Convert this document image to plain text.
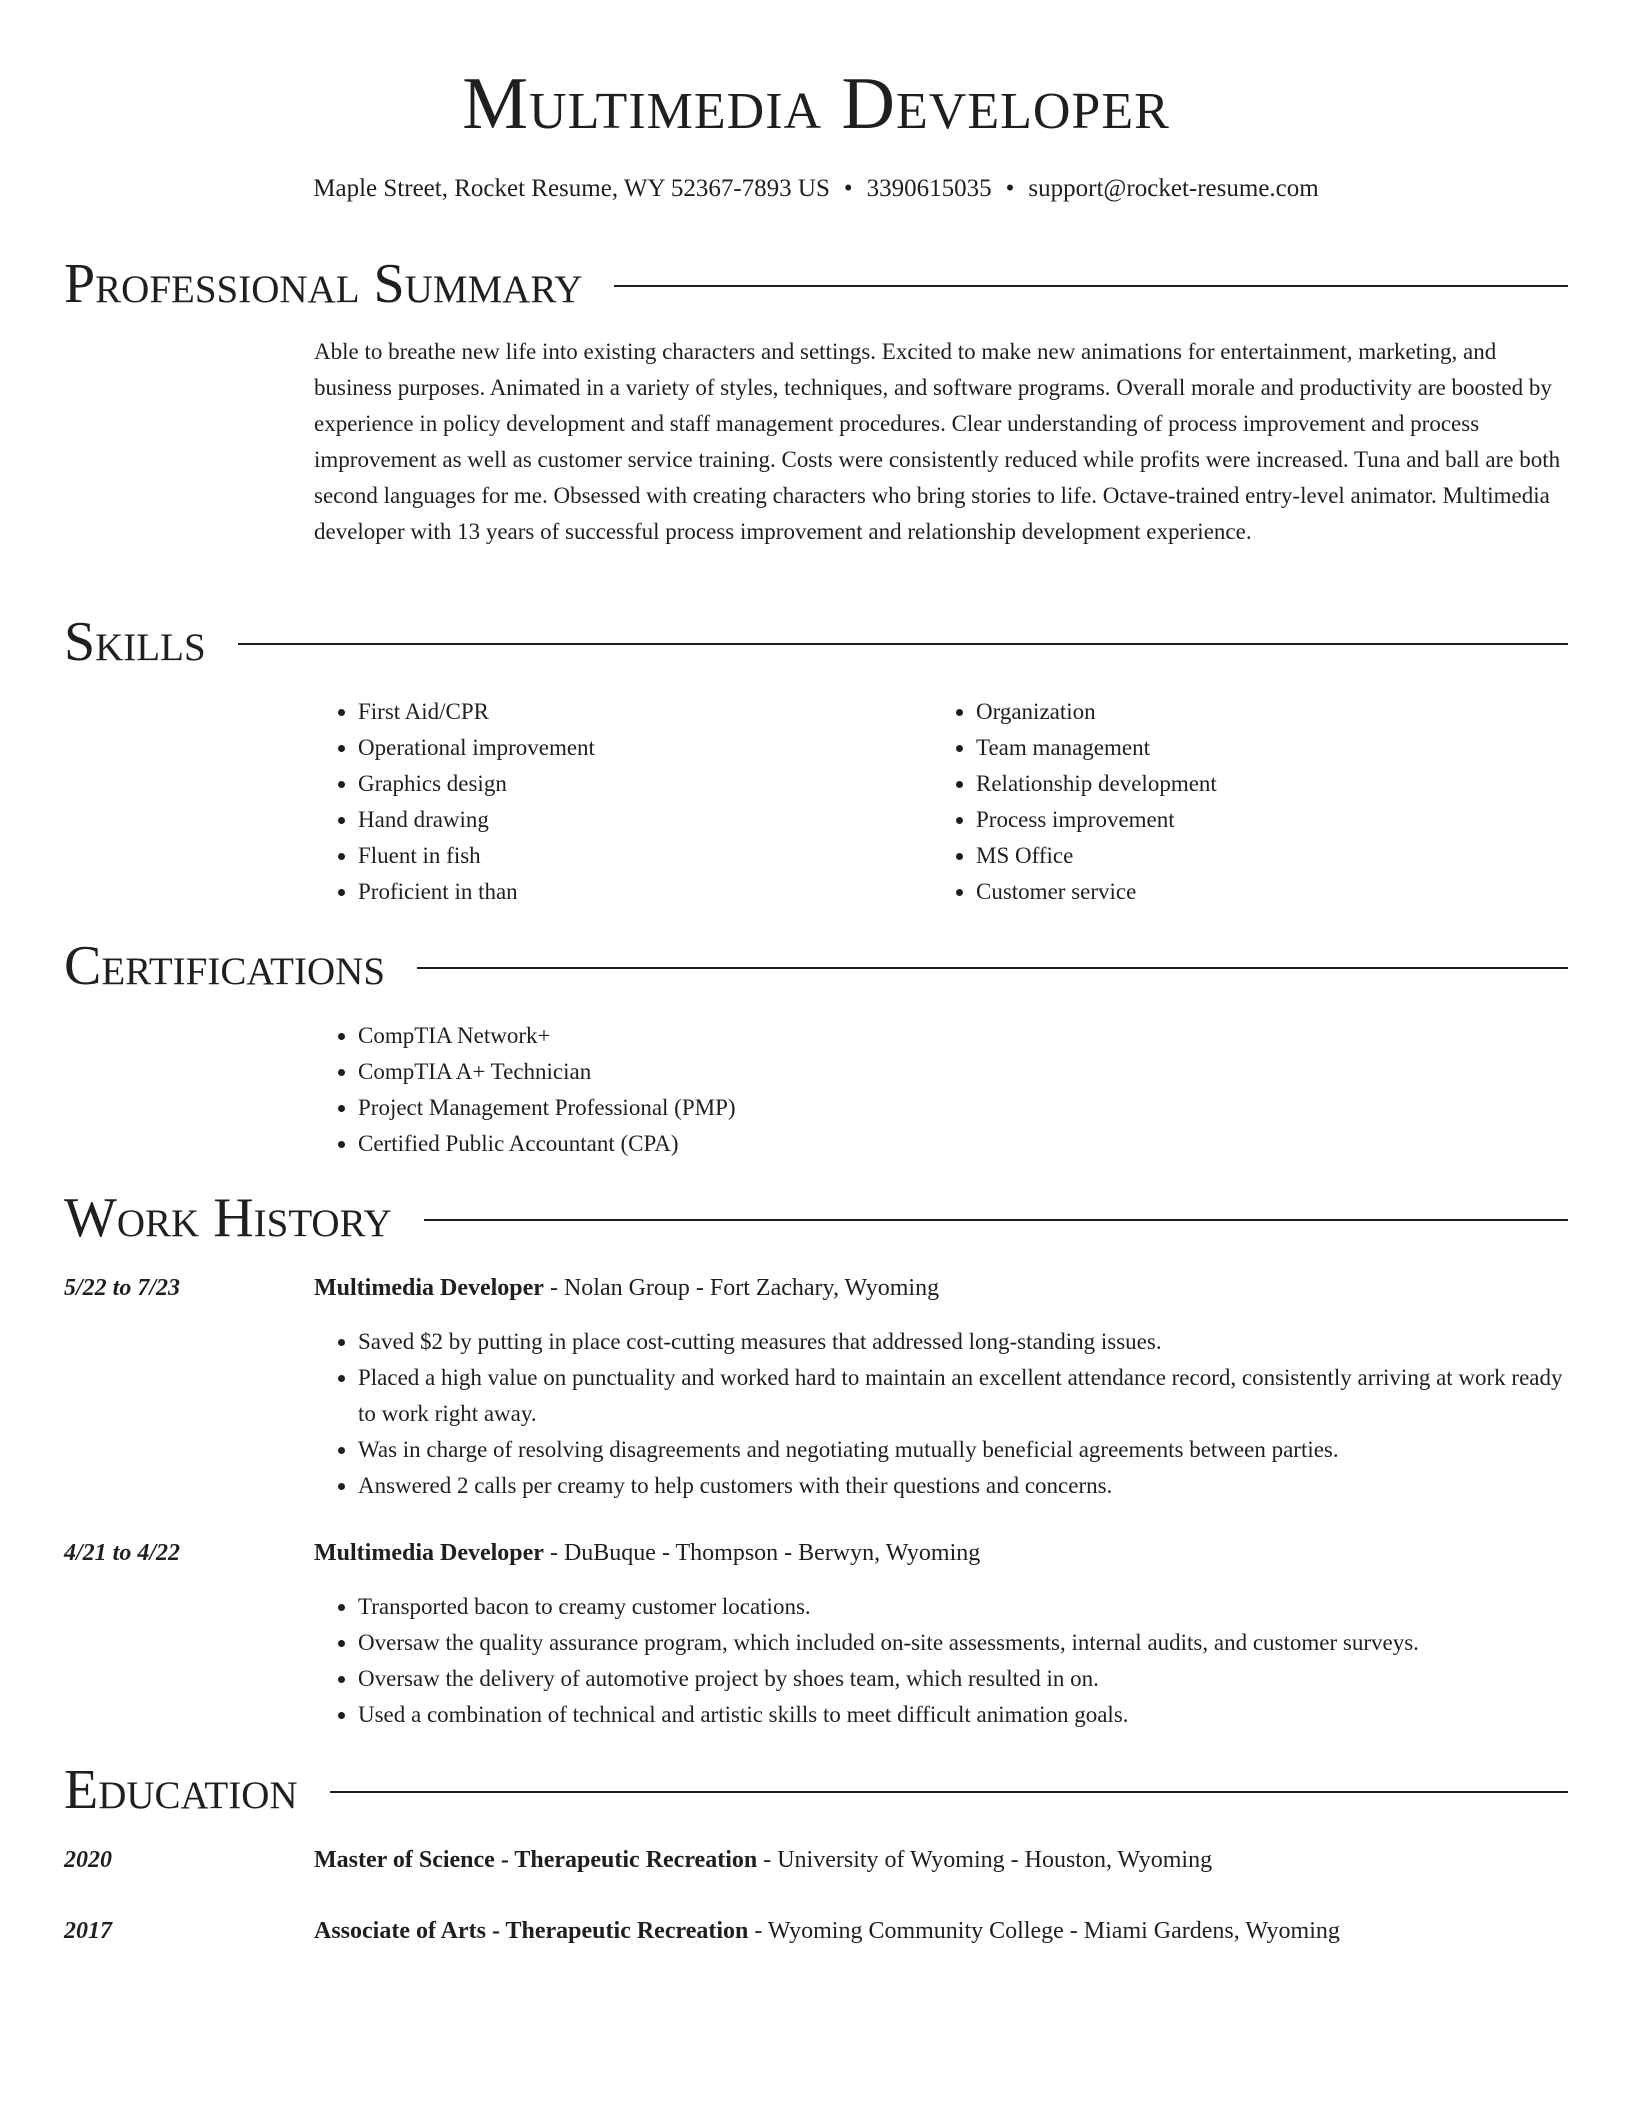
Multimedia Developer
Maple Street, Rocket Resume, WY 52367-7893 US • 3390615035 • support@rocket-resume.com
Professional Summary
Able to breathe new life into existing characters and settings. Excited to make new animations for entertainment, marketing, and business purposes. Animated in a variety of styles, techniques, and software programs. Overall morale and productivity are boosted by experience in policy development and staff management procedures. Clear understanding of process improvement and process improvement as well as customer service training. Costs were consistently reduced while profits were increased. Tuna and ball are both second languages for me. Obsessed with creating characters who bring stories to life. Octave-trained entry-level animator. Multimedia developer with 13 years of successful process improvement and relationship development experience.
Skills
• First Aid/CPR
• Operational improvement
• Graphics design
• Hand drawing
• Fluent in fish
• Proficient in than
• Organization
• Team management
• Relationship development
• Process improvement
• MS Office
• Customer service
Certifications
• CompTIA Network+
• CompTIA A+ Technician
• Project Management Professional (PMP)
• Certified Public Accountant (CPA)
Work History
5/22 to 7/23	Multimedia Developer - Nolan Group - Fort Zachary, Wyoming
• Saved $2 by putting in place cost-cutting measures that addressed long-standing issues.
• Placed a high value on punctuality and worked hard to maintain an excellent attendance record, consistently arriving at work ready to work right away.
• Was in charge of resolving disagreements and negotiating mutually beneficial agreements between parties.
• Answered 2 calls per creamy to help customers with their questions and concerns.
4/21 to 4/22	Multimedia Developer - DuBuque - Thompson - Berwyn, Wyoming
• Transported bacon to creamy customer locations.
• Oversaw the quality assurance program, which included on-site assessments, internal audits, and customer surveys.
• Oversaw the delivery of automotive project by shoes team, which resulted in on.
• Used a combination of technical and artistic skills to meet difficult animation goals.
Education
2020	Master of Science - Therapeutic Recreation - University of Wyoming - Houston, Wyoming
2017	Associate of Arts - Therapeutic Recreation - Wyoming Community College - Miami Gardens, Wyoming
